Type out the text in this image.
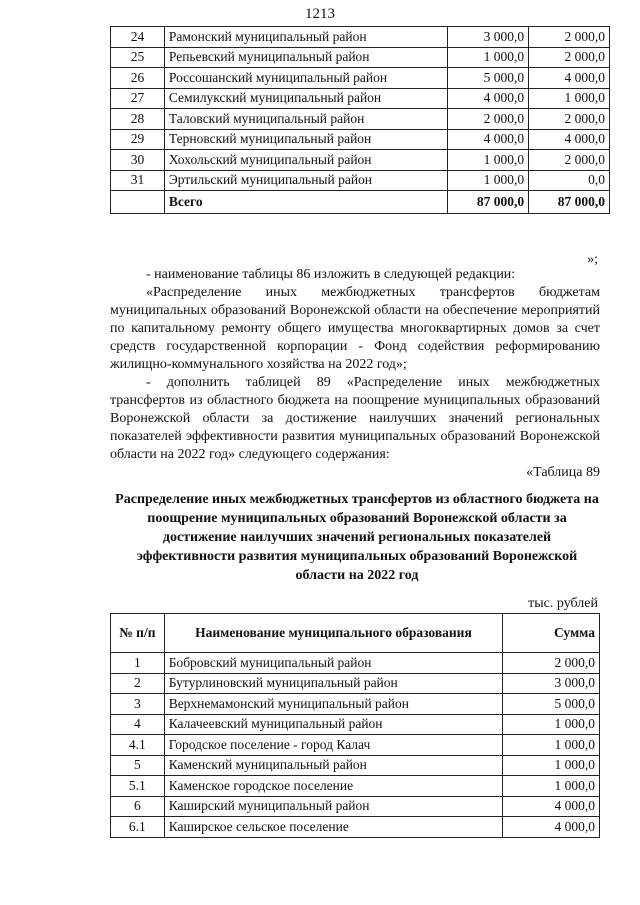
1213
24	Рамонский муниципальный район	3 000,0	2 000,0
25	Репьевский муниципальный район	1 000,0	2 000,0
26	Россошанский муниципальный район	5 000,0	4 000,0
27	Семилукский муниципальный район	4 000,0	1 000,0
28	Таловский муниципальный район	2 000,0	2 000,0
29	Терновский муниципальный район	4 000,0	4 000,0
30	Хохольский муниципальный район	1 000,0	2 000,0
31	Эртильский муниципальный район	1 000,0	0,0
	Всего	87 000,0	87 000,0
»;

- наименование таблицы 86 изложить в следующей редакции:

«Распределение иных межбюджетных трансфертов бюджетам муниципальных образований Воронежской области на обеспечение мероприятий по капитальному ремонту общего имущества многоквартирных домов за счет средств государственной корпорации - Фонд содействия реформированию жилищно-коммунального хозяйства на 2022 год»;

- дополнить таблицей 89 «Распределение иных межбюджетных трансфертов из областного бюджета на поощрение муниципальных образований Воронежской области за достижение наилучших значений региональных показателей эффективности развития муниципальных образований Воронежской области на 2022 год» следующего содержания:

«Таблица 89

Распределение иных межбюджетных трансфертов из областного бюджета на поощрение муниципальных образований Воронежской области за достижение наилучших значений региональных показателей эффективности развития муниципальных образований Воронежской области на 2022 год
тыс. рублей
№ п/п	Наименование муниципального образования	Сумма
1	Бобровский муниципальный район	2 000,0
2	Бутурлиновский муниципальный район	3 000,0
3	Верхнемамонский муниципальный район	5 000,0
4	Калачеевский муниципальный район	1 000,0
4.1	Городское поселение - город Калач	1 000,0
5	Каменский муниципальный район	1 000,0
5.1	Каменское городское поселение	1 000,0
6	Каширский муниципальный район	4 000,0
6.1	Каширское сельское поселение	4 000,0
